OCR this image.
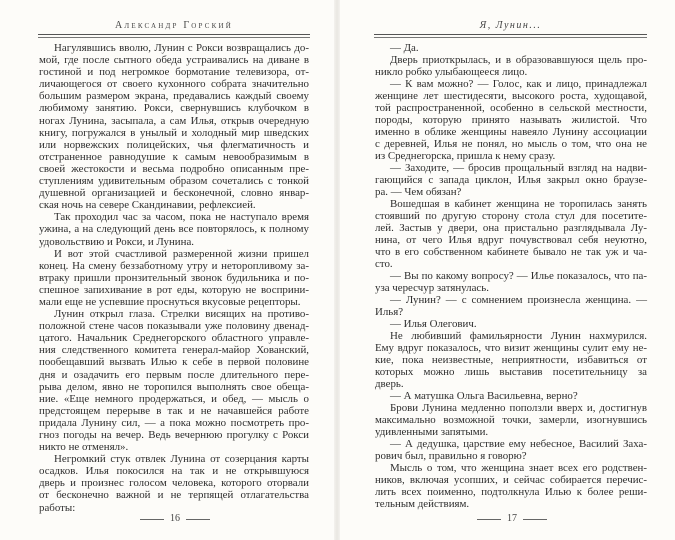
Александр Горский
Нагулявшись вволю, Лунин с Рокси возвращались до-
мой, где после сытного обеда устраивались на диване в
гостиной и под негромкое бормотание телевизора, от-
личающегося от своего кухонного собрата значительно
большим размером экрана, предавались каждый своему
любимому занятию. Рокси, свернувшись клубочком в
ногах Лунина, засыпала, а сам Илья, открыв очередную
книгу, погружался в унылый и холодный мир шведских
или норвежских полицейских, чья флегматичность и
отстраненное равнодушие к самым невообразимым в
своей жестокости и весьма подробно описанным пре-
ступлениям удивительным образом сочетались с тонкой
душевной организацией и бесконечной, словно январ-
ская ночь на севере Скандинавии, рефлексией.
Так проходил час за часом, пока не наступало время
ужина, а на следующий день все повторялось, к полному
удовольствию и Рокси, и Лунина.
И вот этой счастливой размеренной жизни пришел
конец. На смену беззаботному утру и неторопливому за-
втраку пришли пронзительный звонок будильника и по-
спешное запихивание в рот еды, которую не восприни-
мали еще не успевшие проснуться вкусовые рецепторы.
Лунин открыл глаза. Стрелки висящих на противо-
положной стене часов показывали уже половину двенад-
цатого. Начальник Среднегорского областного управле-
ния следственного комитета генерал-майор Хованский,
пообещавший вызвать Илью к себе в первой половине
дня и озадачить его первым после длительного пере-
рыва делом, явно не торопился выполнять свое обеща-
ние. «Еще немного продержаться, и обед, — мысль о
предстоящем перерыве в так и не начавшейся работе
придала Лунину сил, — а пока можно посмотреть про-
гноз погоды на вечер. Ведь вечернюю прогулку с Рокси
никто не отменял».
Негромкий стук отвлек Лунина от созерцания карты
осадков. Илья покосился на так и не открывшуюся
дверь и произнес голосом человека, которого оторвали
от бесконечно важной и не терпящей отлагательства
работы:
16
Я, Лунин...
— Да.
Дверь приоткрылась, и в образовавшуюся щель про-
никло робко улыбающееся лицо.
— К вам можно? — Голос, как и лицо, принадлежал
женщине лет шестидесяти, высокого роста, худощавой,
той распространенной, особенно в сельской местности,
породы, которую принято называть жилистой. Что
именно в облике женщины навеяло Лунину ассоциации
с деревней, Илья не понял, но мысль о том, что она не
из Среднегорска, пришла к нему сразу.
— Заходите, — бросив прощальный взгляд на надви-
гающийся с запада циклон, Илья закрыл окно браузе-
ра. — Чем обязан?
Вошедшая в кабинет женщина не торопилась занять
стоявший по другую сторону стола стул для посетите-
лей. Застыв у двери, она пристально разглядывала Лу-
нина, от чего Илья вдруг почувствовал себя неуютно,
что в его собственном кабинете бывало не так уж и ча-
сто.
— Вы по какому вопросу? — Илье показалось, что па-
уза чересчур затянулась.
— Лунин? — с сомнением произнесла женщина. —
Илья?
— Илья Олегович.
Не любивший фамильярности Лунин нахмурился.
Ему вдруг показалось, что визит женщины сулит ему не-
кие, пока неизвестные, неприятности, избавиться от
которых можно лишь выставив посетительницу за
дверь.
— А матушка Ольга Васильевна, верно?
Брови Лунина медленно поползли вверх и, достигнув
максимально возможной точки, замерли, изогнувшись
удивленными запятыми.
— А дедушка, царствие ему небесное, Василий Заха-
рович был, правильно я говорю?
Мысль о том, что женщина знает всех его родствен-
ников, включая усопших, и сейчас собирается перечис-
лить всех поименно, подтолкнула Илью к более реши-
тельным действиям.
17
